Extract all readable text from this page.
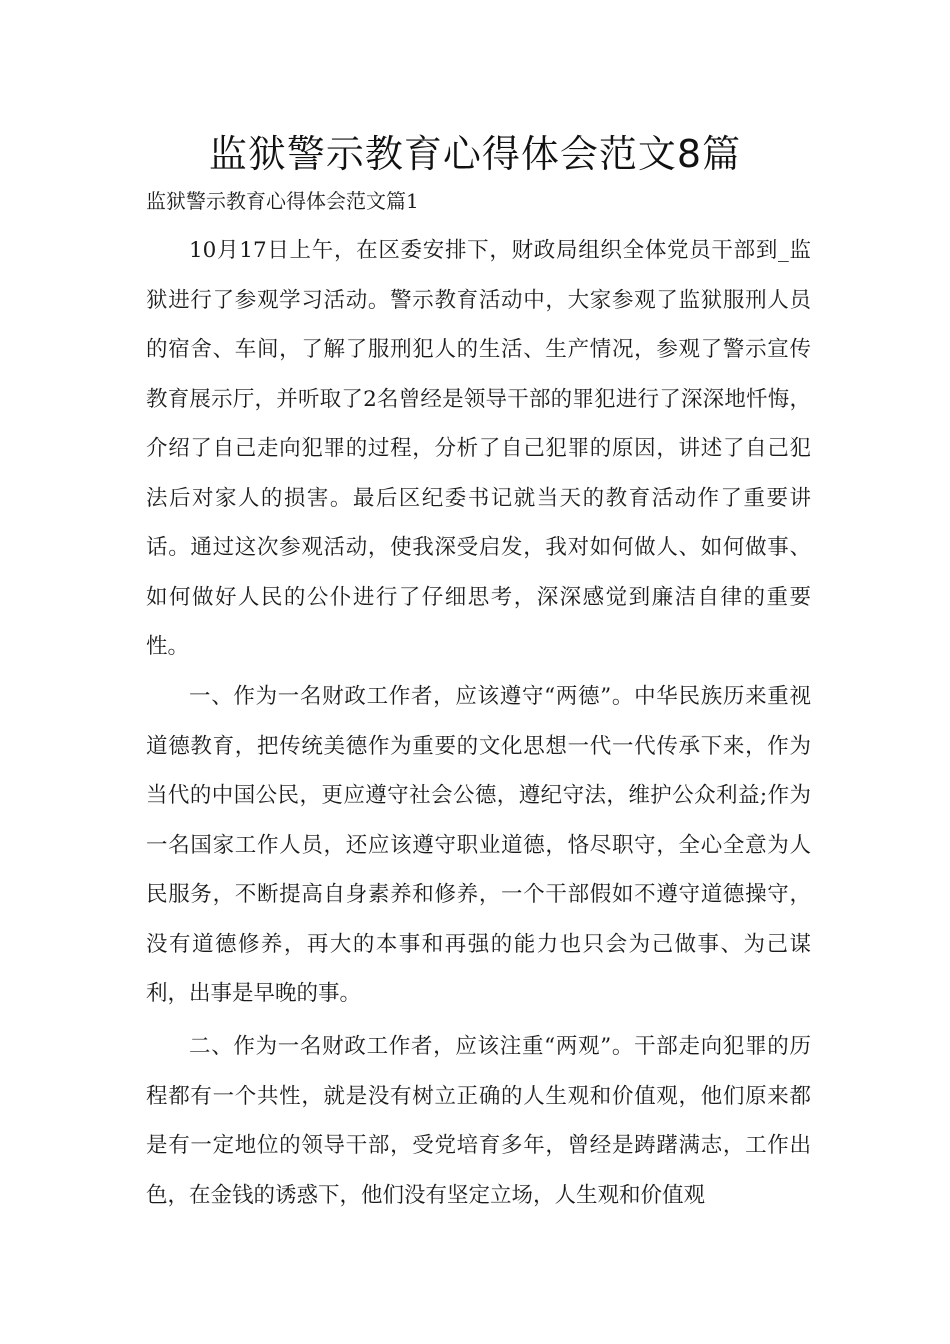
监狱警示教育心得体会范文8篇

监狱警示教育心得体会范文篇1

10月17日上午，在区委安排下，财政局组织全体党员干部到_监狱进行了参观学习活动。警示教育活动中，大家参观了监狱服刑人员的宿舍、车间，了解了服刑犯人的生活、生产情况，参观了警示宣传教育展示厅，并听取了2名曾经是领导干部的罪犯进行了深深地忏悔，介绍了自己走向犯罪的过程，分析了自己犯罪的原因，讲述了自己犯法后对家人的损害。最后区纪委书记就当天的教育活动作了重要讲话。通过这次参观活动，使我深受启发，我对如何做人、如何做事、如何做好人民的公仆进行了仔细思考，深深感觉到廉洁自律的重要性。

一、作为一名财政工作者，应该遵守“两德”。中华民族历来重视道德教育，把传统美德作为重要的文化思想一代一代传承下来，作为当代的中国公民，更应遵守社会公德，遵纪守法，维护公众利益;作为一名国家工作人员，还应该遵守职业道德，恪尽职守，全心全意为人民服务，不断提高自身素养和修养，一个干部假如不遵守道德操守，没有道德修养，再大的本事和再强的能力也只会为己做事、为己谋利，出事是早晚的事。

二、作为一名财政工作者，应该注重“两观”。干部走向犯罪的历程都有一个共性，就是没有树立正确的人生观和价值观，他们原来都是有一定地位的领导干部，受党培育多年，曾经是踌躇满志，工作出色，在金钱的诱惑下，他们没有坚定立场，人生观和价值观
